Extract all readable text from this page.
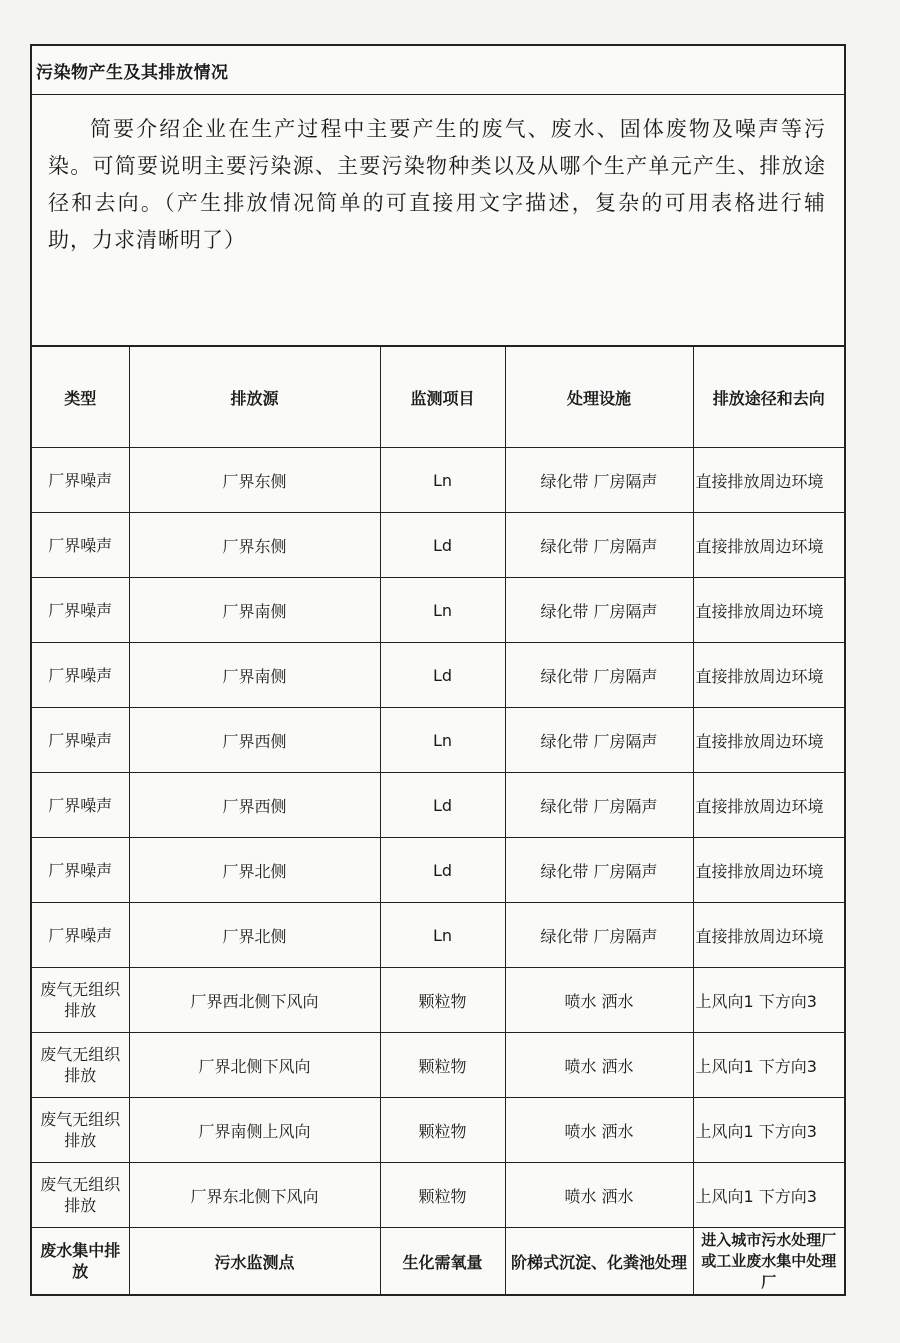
污染物产生及其排放情况
简要介绍企业在生产过程中主要产生的废气、废水、固体废物及噪声等污染。可简要说明主要污染源、主要污染物种类以及从哪个生产单元产生、排放途径和去向。（产生排放情况简单的可直接用文字描述，复杂的可用表格进行辅助，力求清晰明了）
类型	排放源	监测项目	处理设施	排放途径和去向
厂界噪声	厂界东侧	Ln	绿化带 厂房隔声	直接排放周边环境
厂界噪声	厂界东侧	Ld	绿化带 厂房隔声	直接排放周边环境
厂界噪声	厂界南侧	Ln	绿化带 厂房隔声	直接排放周边环境
厂界噪声	厂界南侧	Ld	绿化带 厂房隔声	直接排放周边环境
厂界噪声	厂界西侧	Ln	绿化带 厂房隔声	直接排放周边环境
厂界噪声	厂界西侧	Ld	绿化带 厂房隔声	直接排放周边环境
厂界噪声	厂界北侧	Ld	绿化带 厂房隔声	直接排放周边环境
厂界噪声	厂界北侧	Ln	绿化带 厂房隔声	直接排放周边环境
废气无组织排放	厂界西北侧下风向	颗粒物	喷水 洒水	上风向1 下方向3
废气无组织排放	厂界北侧下风向	颗粒物	喷水 洒水	上风向1 下方向3
废气无组织排放	厂界南侧上风向	颗粒物	喷水 洒水	上风向1 下方向3
废气无组织排放	厂界东北侧下风向	颗粒物	喷水 洒水	上风向1 下方向3
废水集中排放	污水监测点	生化需氧量	阶梯式沉淀、化粪池处理	进入城市污水处理厂或工业废水集中处理厂
